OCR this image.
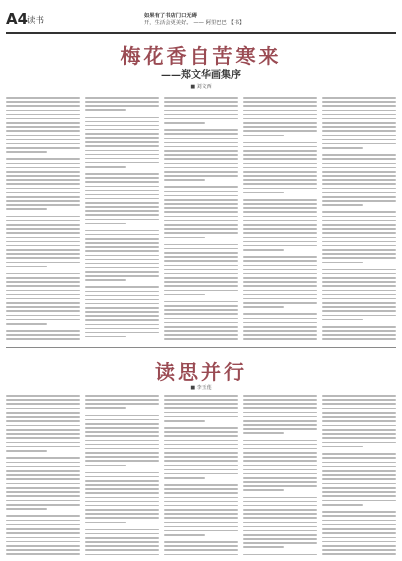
A4
读书	如果有了书店门口无碍
开，生活会更美好。 —— 阿里巴巴 【书】
梅花香自苦寒来
——郑文华画集序
■ 刘文西
读思并行
■ 李玉莲
